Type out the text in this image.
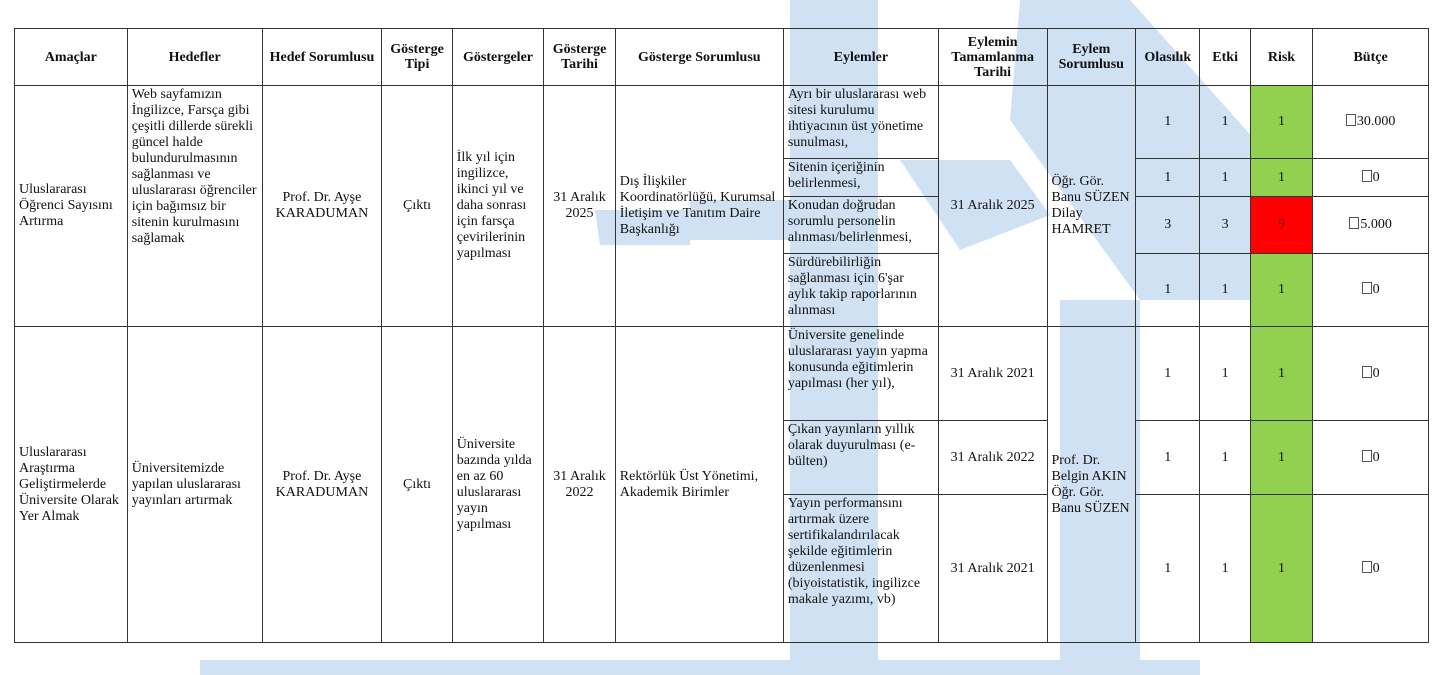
Amaçlar	Hedefler	Hedef Sorumlusu	Gösterge Tipi	Göstergeler	Gösterge Tarihi	Gösterge Sorumlusu	Eylemler	Eylemin Tamamlanma Tarihi	Eylem Sorumlusu	Olasılık	Etki	Risk	Bütçe
Uluslararası Öğrenci Sayısını Artırma	Web sayfamızın İngilizce, Farsça gibi çeşitli dillerde sürekli güncel halde bulundurulmasının sağlanması ve uluslararası öğrenciler için bağımsız bir sitenin kurulmasını sağlamak	Prof. Dr. Ayşe KARADUMAN	Çıktı	İlk yıl için ingilizce, ikinci yıl ve daha sonrası için farsça çevirilerinin yapılması	31 Aralık 2025	Dış İlişkiler Koordinatörlüğü, Kurumsal İletişim ve Tanıtım Daire Başkanlığı	Ayrı bir uluslararası web sitesi kurulumu ihtiyacının üst yönetime sunulması,	31 Aralık 2025	Öğr. Gör. Banu SÜZEN Dilay HAMRET	1	1	1	30.000
							Sitenin içeriğinin belirlenmesi,			1	1	1	0
							Konudan doğrudan sorumlu personelin alınması/belirlenmesi,			3	3	9	5.000
							Sürdürebilirliğin sağlanması için 6'şar aylık takip raporlarının alınması			1	1	1	0
Uluslararası Araştırma Geliştirmelerde Üniversite Olarak Yer Almak	Üniversitemizde yapılan uluslararası yayınları artırmak	Prof. Dr. Ayşe KARADUMAN	Çıktı	Üniversite bazında yılda en az 60 uluslararası yayın yapılması	31 Aralık 2022	Rektörlük Üst Yönetimi, Akademik Birimler	Üniversite genelinde uluslararası yayın yapma konusunda eğitimlerin yapılması (her yıl),	31 Aralık 2021	Prof. Dr. Belgin AKIN Öğr. Gör. Banu SÜZEN	1	1	1	0
							Çıkan yayınların yıllık olarak duyurulması (e-bülten)	31 Aralık 2022		1	1	1	0
							Yayın performansını artırmak üzere sertifikalandırılacak şekilde eğitimlerin düzenlenmesi (biyoistatistik, ingilizce makale yazımı, vb)	31 Aralık 2021		1	1	1	0
